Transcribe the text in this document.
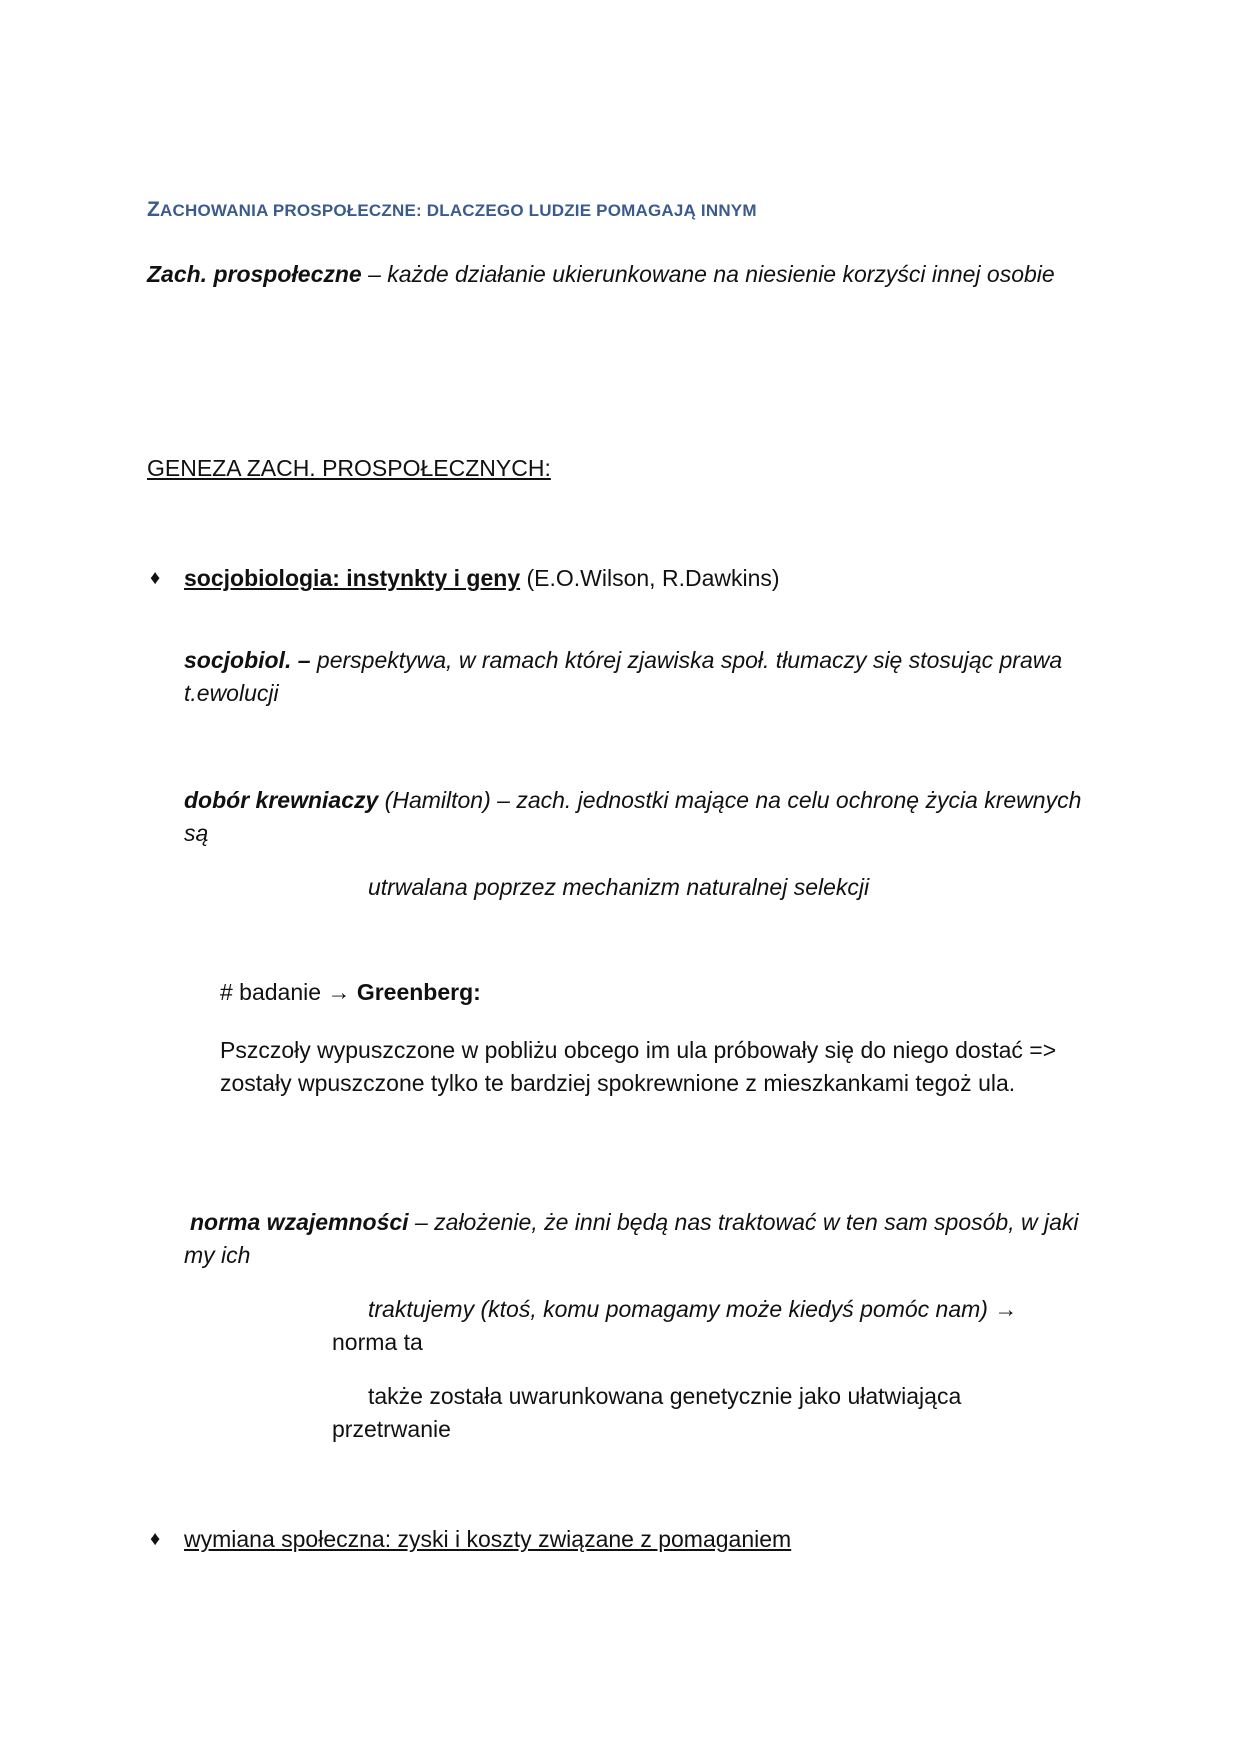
ZACHOWANIA PROSPOŁECZNE: DLACZEGO LUDZIE POMAGAJĄ INNYM

Zach. prospołeczne – każde działanie ukierunkowane na niesienie korzyści innej osobie

GENEZA ZACH. PROSPOŁECZNYCH:

♦ socjobiologia: instynkty i geny (E.O.Wilson, R.Dawkins)

socjobiol. – perspektywa, w ramach której zjawiska społ. tłumaczy się stosując prawa t.ewolucji

dobór krewniaczy (Hamilton) – zach. jednostki mające na celu ochronę życia krewnych są

utrwalana poprzez mechanizm naturalnej selekcji

# badanie → Greenberg:

Pszczoły wypuszczone w pobliżu obcego im ula próbowały się do niego dostać => zostały wpuszczone tylko te bardziej spokrewnione z mieszkankami tegoż ula.

norma wzajemności – założenie, że inni będą nas traktować w ten sam sposób, w jaki my ich

traktujemy (ktoś, komu pomagamy może kiedyś pomóc nam) →

norma ta

także została uwarunkowana genetycznie jako ułatwiająca

przetrwanie

♦ wymiana społeczna: zyski i koszty związane z pomaganiem
